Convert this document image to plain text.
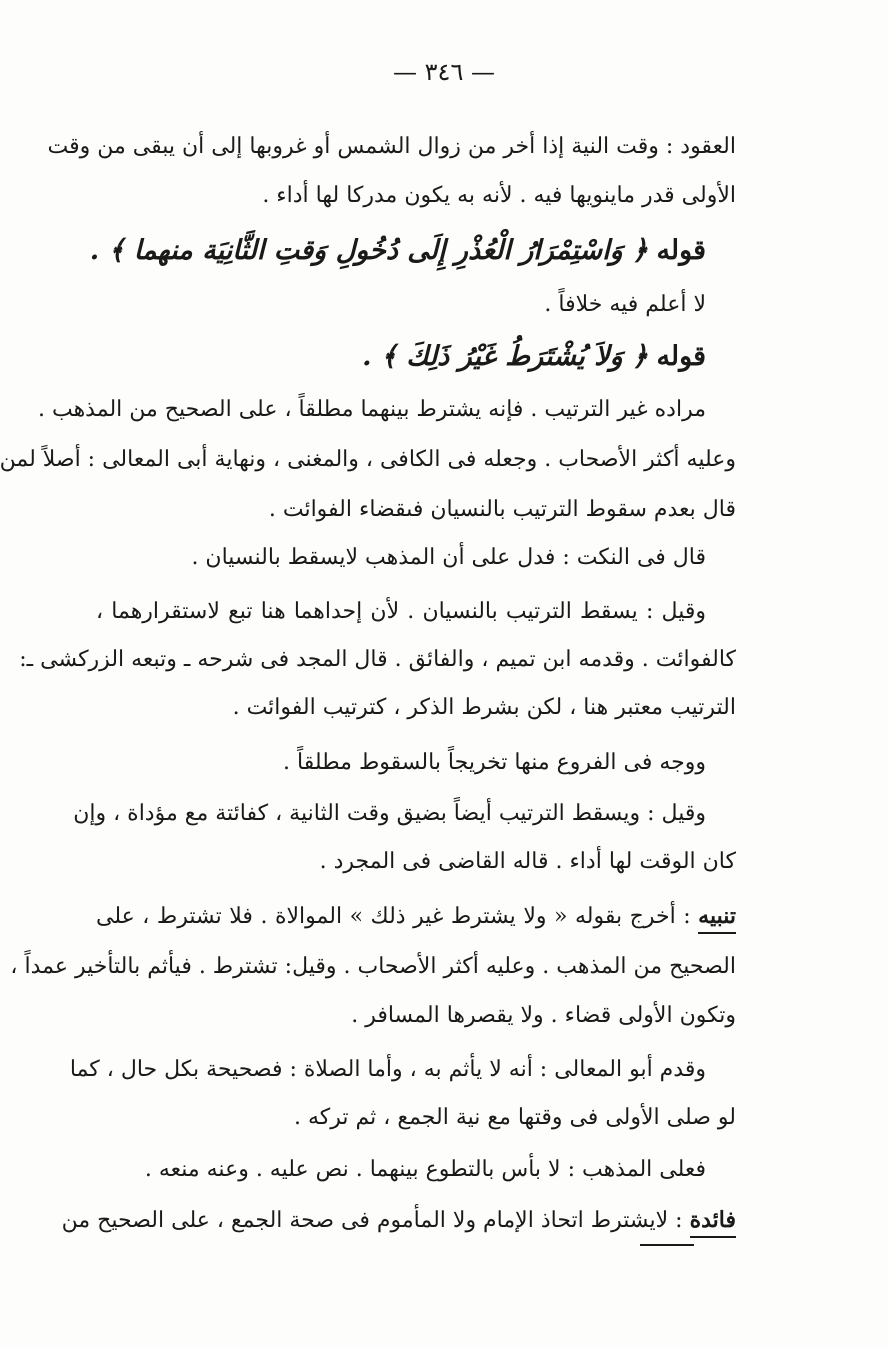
— ٣٤٦ —
العقود : وقت النية إذا أخر من زوال الشمس أو غروبها إلى أن يبقى من وقت
الأولى قدر ماينويها فيه . لأنه به يكون مدركا لها أداء .
قوله ﴿ وَاسْتِمْرَارُ الْعُذْرِ إِلَى دُخُولِ وَقتِ الثَّانِيَة منهما ﴾ .
لا أعلم فيه خلافاً .
قوله ﴿ وَلاَ يُشْتَرَطُ غَيْرُ ذَلِكَ ﴾ .
مراده غير الترتيب . فإنه يشترط بينهما مطلقاً ، على الصحيح من المذهب .
وعليه أكثر الأصحاب . وجعله فى الكافى ، والمغنى ، ونهاية أبى المعالى : أصلاً لمن
قال بعدم سقوط الترتيب بالنسيان فىقضاء الفوائت .
قال فى النكت : فدل على أن المذهب لايسقط بالنسيان .
وقيل : يسقط الترتيب بالنسيان . لأن إحداهما هنا تبع لاستقرارهما ،
كالفوائت . وقدمه ابن تميم ، والفائق . قال المجد فى شرحه ـ وتبعه الزركشى ـ:
الترتيب معتبر هنا ، لكن بشرط الذكر ، كترتيب الفوائت .
ووجه فى الفروع منها تخريجاً بالسقوط مطلقاً .
وقيل : ويسقط الترتيب أيضاً بضيق وقت الثانية ، كفائتة مع مؤداة ، وإن
كان الوقت لها أداء . قاله القاضى فى المجرد .
تنبيه : أخرج بقوله « ولا يشترط غير ذلك » الموالاة . فلا تشترط ، على
الصحيح من المذهب . وعليه أكثر الأصحاب . وقيل: تشترط . فيأثم بالتأخير عمداً ،
وتكون الأولى قضاء . ولا يقصرها المسافر .
وقدم أبو المعالى : أنه لا يأثم به ، وأما الصلاة : فصحيحة بكل حال ، كما
لو صلى الأولى فى وقتها مع نية الجمع ، ثم تركه .
فعلى المذهب : لا بأس بالتطوع بينهما . نص عليه . وعنه منعه .
فائدة : لايشترط اتحاذ الإمام ولا المأموم فى صحة الجمع ، على الصحيح من
